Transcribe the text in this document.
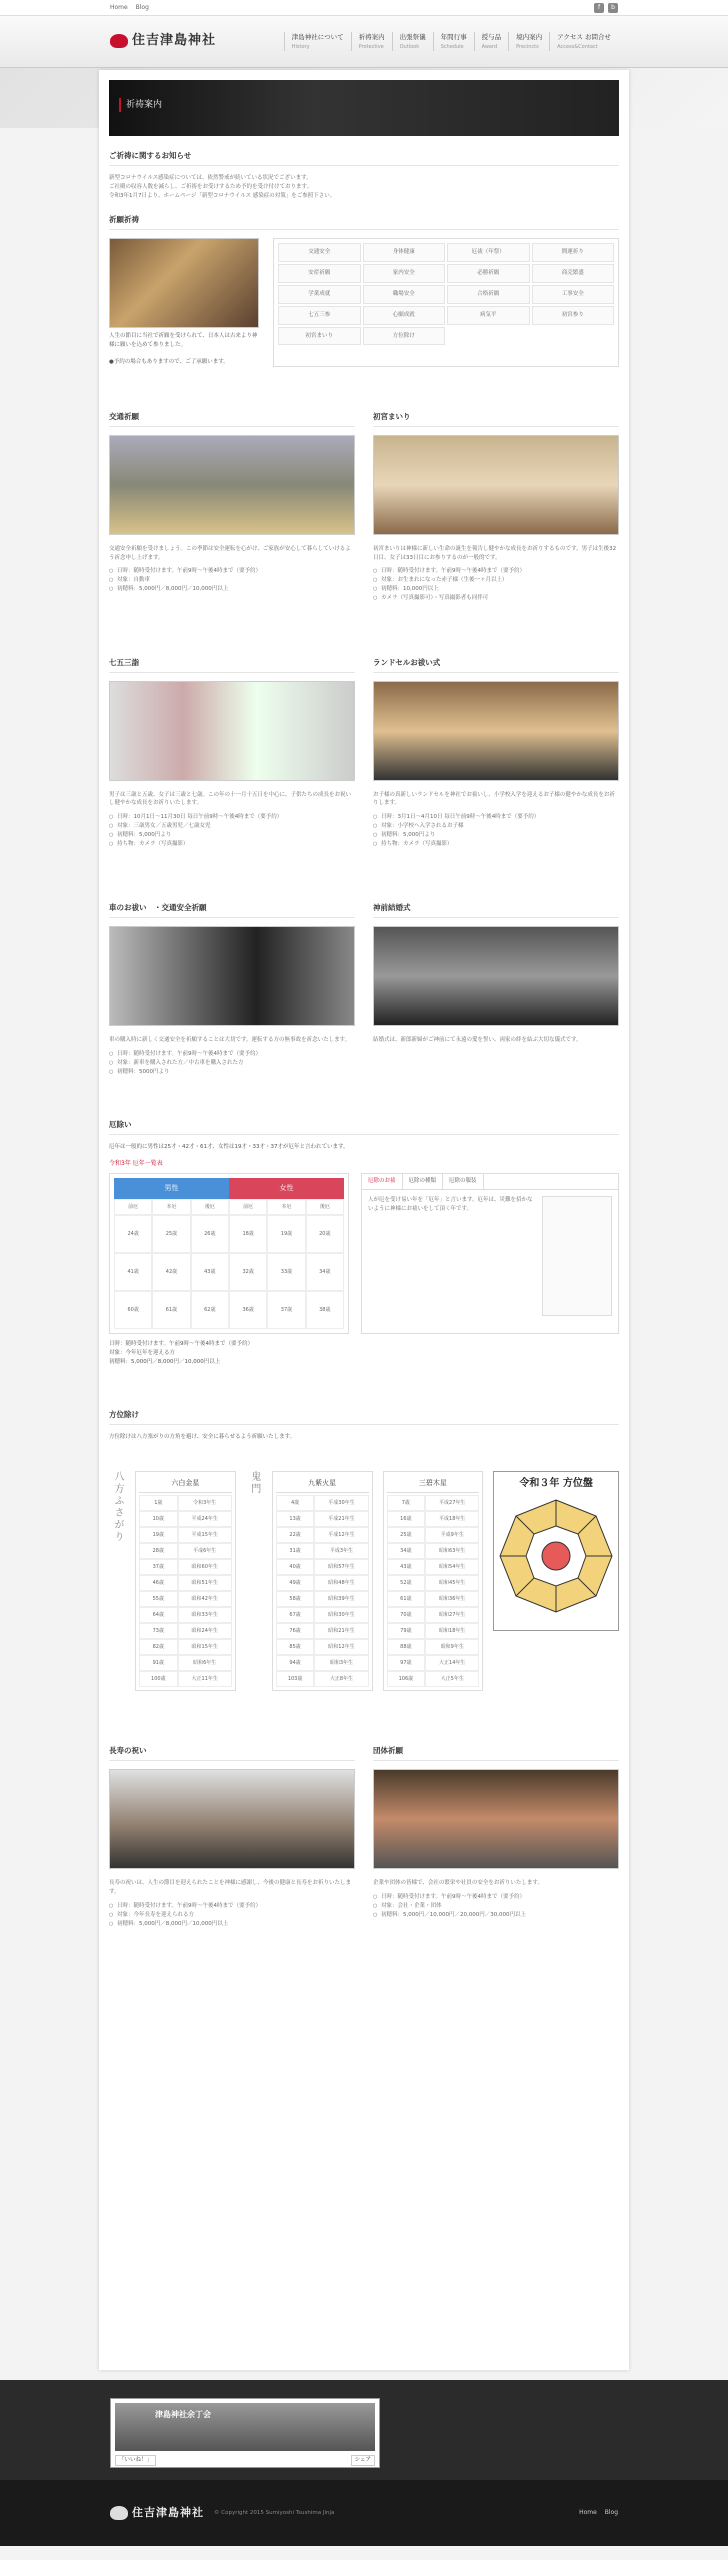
Home Blog	f	b
住吉津島神社	津島神社について
History
祈祷案内
Protective
出張祭儀
Outlook
年間行事
Schedule
授与品
Award
境内案内
Precincts
アクセス お問合せ
Access&Contact
祈祷案内
ご祈祷に関するお知らせ

新型コロナウイルス感染症については、依然警戒が続いている状況でございます。

ご社殿の収容人数を減らし、ご祈祷をお受けするため予約を受け付けております。

令和3年1月7日より、ホームページ「新型コロナウイルス 感染症の対策」をご参照下さい。

祈願祈祷

人生の節目に当社で祈願を受けられて、日本人は古来より神様に願いを込めて参りました。

●予約の場合もありますので、ご了承願います。

交通安全	身体健康	厄祓（年祭）	開運祈り
安産祈願	家内安全	必勝祈願	商売繁盛
学業成就	職場安全	合格祈願	工事安全
七五三参	心願成就	病気平	初宮参り
初宮まいり	方位除け
交通祈願

交通安全祈願を受けましょう。この季節は安全運転を心がけ、ご家族が安心して暮らしていけるよう祈念申し上げます。

○ 日時：随時受付けます。午前9時〜午後4時まで（要予約）
○ 対象：自動車
○ 初穂料：5,000円／8,000円／10,000円以上
初宮まいり

初宮まいりは神様に新しい生命の誕生を報告し健やかな成長をお祈りするものです。男子は生後32日目、女子は33日目にお参りするのが一般的です。

○ 日時：随時受付けます。午前9時〜午後4時まで（要予約）
○ 対象：お生まれになった赤子様（生後一ヶ月以上）
○ 初穂料：10,000円以上
○ カメラ（写真撮影可）・写真撮影者も同伴可
七五三詣

男子は三歳と五歳、女子は三歳と七歳。この年の十一月十五日を中心に、子供たちの成長をお祝いし健やかな成長をお祈りいたします。

○ 日時：10月1日〜11月30日 毎日午前9時〜午後4時まで（要予約）
○ 対象：三歳男女／五歳男児／七歳女児
○ 初穂料：5,000円より
○ 持ち物：カメラ（写真撮影）
ランドセルお祓い式

お子様の真新しいランドセルを神社でお祓いし、小学校入学を迎えるお子様の健やかな成長をお祈りします。

○ 日時：3月1日〜4月10日 毎日午前9時〜午後4時まで（要予約）
○ 対象：小学校へ入学されるお子様
○ 初穂料：5,000円より
○ 持ち物：カメラ（写真撮影）
車のお祓い　・交通安全祈願

車の購入時に新しく交通安全を祈願することは大切です。運転する方の無事故を祈念いたします。

○ 日時：随時受付けます。午前9時〜午後4時まで（要予約）
○ 対象：新車を購入された方／中古車を購入された方
○ 初穂料：5000円より
神前結婚式

結婚式は、新郎新婦がご神前にて永遠の愛を誓い、両家の絆を結ぶ大切な儀式です。

厄除い

厄年は一般的に男性は25才・42才・61才、女性は19才・33才・37才が厄年と言われています。

令和3年 厄年一覧表

男性	女性
前厄	本厄	後厄	前厄	本厄	後厄
24歳	25歳	26歳	18歳	19歳	20歳
41歳	42歳	43歳	32歳	33歳	34歳
60歳	61歳	62歳	36歳	37歳	38歳
厄除のお祓	厄除の種類	厄除の服装

人が厄を受け易い年を「厄年」と言います。厄年は、災難を招かないように神様にお祓いをして頂く年です。

日時：随時受付けます。午前9時〜午後4時まで（要予約）
対象：今年厄年を迎える方
初穂料：5,000円／8,000円／10,000円以上
方位除け

方位除けは八方塞がりの方角を避け、安全に暮らせるよう祈願いたします。

八方ふさがり	六白金星
1歳	令和3年生
10歳	平成24年生
19歳	平成15年生
28歳	平成6年生
37歳	昭和60年生
46歳	昭和51年生
55歳	昭和42年生
64歳	昭和33年生
73歳	昭和24年生
82歳	昭和15年生
91歳	昭和6年生
100歳	大正11年生
鬼門	九紫火星
4歳	平成30年生
13歳	平成21年生
22歳	平成12年生
31歳	平成3年生
40歳	昭和57年生
49歳	昭和48年生
58歳	昭和39年生
67歳	昭和30年生
76歳	昭和21年生
85歳	昭和12年生
94歳	昭和3年生
103歳	大正8年生
三碧木星
7歳	平成27年生
16歳	平成18年生
25歳	平成9年生
34歳	昭和63年生
43歳	昭和54年生
52歳	昭和45年生
61歳	昭和36年生
70歳	昭和27年生
79歳	昭和18年生
88歳	昭和9年生
97歳	大正14年生
106歳	大正5年生
令和３年 方位盤
長寿の祝い

長寿の祝いは、人生の節目を迎えられたことを神様に感謝し、今後の健康と長寿をお祈りいたします。

○ 日時：随時受付けます。午前9時〜午後4時まで（要予約）
○ 対象：今年長寿を迎えられる方
○ 初穂料：5,000円／8,000円／10,000円以上
団体祈願

企業や団体の皆様で、会社の繁栄や社員の安全をお祈りいたします。

○ 日時：随時受付けます。午前9時〜午後4時まで（要予約）
○ 対象：会社・企業・団体
○ 初穂料：5,000円／10,000円／20,000円／30,000円以上
津島神社余丁会
「いいね！」	シェア
住吉津島神社 © Copyright 2015 Sumiyoshi Tsushima Jinja	Home Blog
